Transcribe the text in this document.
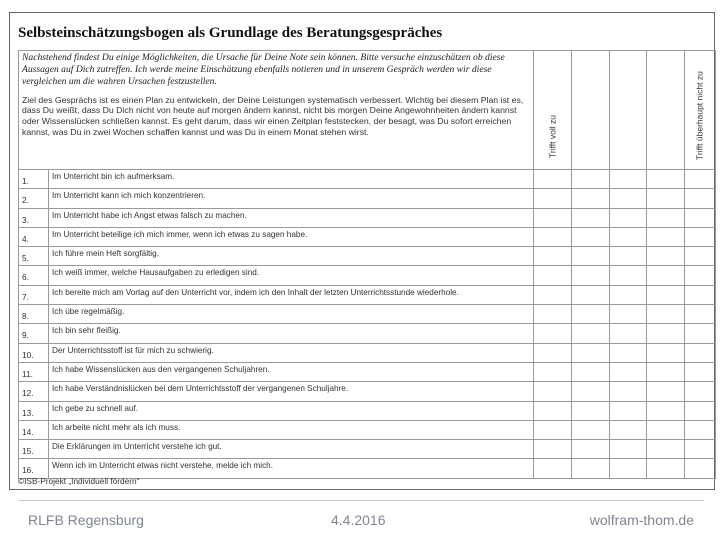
Selbsteinschätzungsbogen als Grundlage des Beratungsgespräches
Nachstehend findest Du einige Möglichkeiten, die Ursache für Deine Note sein können. Bitte versuche einzuschätzen ob diese Aussagen auf Dich zutreffen. Ich werde meine Einschätzung ebenfalls notieren und in unserem Gespräch werden wir diese vergleichen um die wahren Ursachen festzustellen.
Ziel des Gesprächs ist es einen Plan zu entwickeln, der Deine Leistungen systematisch verbessert. Wichtig bei diesem Plan ist es, dass Du weißt, dass Du Dich nicht von heute auf morgen ändern kannst, nicht bis morgen Deine Angewohnheiten ändern kannst oder Wissenslücken schließen kannst. Es geht darum, dass wir einen Zeitplan feststecken, der besagt, was Du sofort erreichen kannst, was Du in zwei Wochen schaffen kannst und was Du in einem Monat stehen wirst.		Trifft voll zu				Trifft überhaupt nicht zu

1.	Im Unterricht bin ich aufmerksam.					
2.	Im Unterricht kann ich mich konzentrieren.					
3.	Im Unterricht habe ich Angst etwas falsch zu machen.					
4.	Im Unterricht beteilige ich mich immer, wenn ich etwas zu sagen habe.					
5.	Ich führe mein Heft sorgfältig.					
6.	Ich weiß immer, welche Hausaufgaben zu erledigen sind.					
7.	Ich bereite mich am Vortag auf den Unterricht vor, indem ich den Inhalt der letzten Unterrichtsstunde wiederhole.					
8.	Ich übe regelmäßig.					
9.	Ich bin sehr fleißig.					
10.	Der Unterrichtsstoff ist für mich zu schwierig.					
11.	Ich habe Wissenslücken aus den vergangenen Schuljahren.					
12.	Ich habe Verständnislücken bei dem Unterrichtsstoff der vergangenen Schuljahre.					
13.	Ich gebe zu schnell auf.					
14.	Ich arbeite nicht mehr als ich muss.					
15.	Die Erklärungen im Unterricht verstehe ich gut.					
16.	Wenn ich im Unterricht etwas nicht verstehe, melde ich mich.					
©ISB-Projekt „Individuell fördern“
RLFB Regensburg	4.4.2016	wolfram-thom.de
